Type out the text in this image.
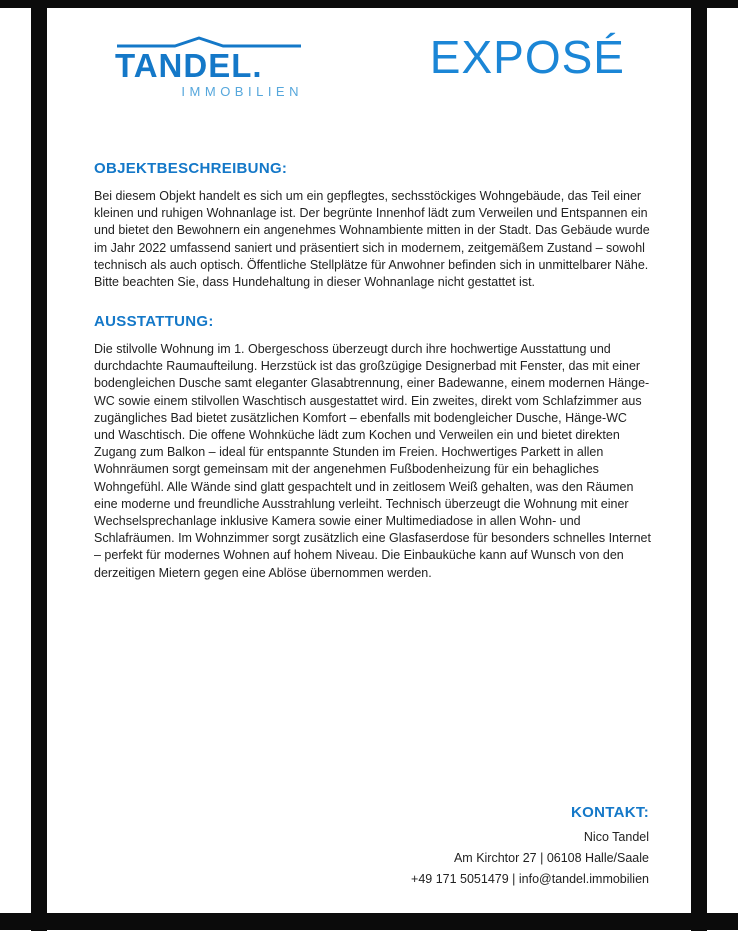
TANDEL.
IMMOBILIEN
EXPOSÉ
OBJEKTBESCHREIBUNG:

Bei diesem Objekt handelt es sich um ein gepflegtes, sechsstöckiges Wohngebäude, das Teil einer kleinen und ruhigen Wohnanlage ist. Der begrünte Innenhof lädt zum Verweilen und Entspannen ein und bietet den Bewohnern ein angenehmes Wohnambiente mitten in der Stadt. Das Gebäude wurde im Jahr 2022 umfassend saniert und präsentiert sich in modernem, zeitgemäßem Zustand – sowohl technisch als auch optisch. Öffentliche Stellplätze für Anwohner befinden sich in unmittelbarer Nähe. Bitte beachten Sie, dass Hundehaltung in dieser Wohnanlage nicht gestattet ist.

AUSSTATTUNG:

Die stilvolle Wohnung im 1. Obergeschoss überzeugt durch ihre hochwertige Ausstattung und durchdachte Raumaufteilung. Herzstück ist das großzügige Designerbad mit Fenster, das mit einer bodengleichen Dusche samt eleganter Glasabtrennung, einer Badewanne, einem modernen Hänge-WC sowie einem stilvollen Waschtisch ausgestattet wird. Ein zweites, direkt vom Schlafzimmer aus zugängliches Bad bietet zusätzlichen Komfort – ebenfalls mit bodengleicher Dusche, Hänge-WC und Waschtisch. Die offene Wohnküche lädt zum Kochen und Verweilen ein und bietet direkten Zugang zum Balkon – ideal für entspannte Stunden im Freien. Hochwertiges Parkett in allen Wohnräumen sorgt gemeinsam mit der angenehmen Fußbodenheizung für ein behagliches Wohngefühl. Alle Wände sind glatt gespachtelt und in zeitlosem Weiß gehalten, was den Räumen eine moderne und freundliche Ausstrahlung verleiht. Technisch überzeugt die Wohnung mit einer Wechselsprechanlage inklusive Kamera sowie einer Multimediadose in allen Wohn- und Schlafräumen. Im Wohnzimmer sorgt zusätzlich eine Glasfaserdose für besonders schnelles Internet – perfekt für modernes Wohnen auf hohem Niveau. Die Einbauküche kann auf Wunsch von den derzeitigen Mietern gegen eine Ablöse übernommen werden.

KONTAKT:
Nico Tandel
Am Kirchtor 27 | 06108 Halle/Saale
+49 171 5051479 | info@tandel.immobilien
